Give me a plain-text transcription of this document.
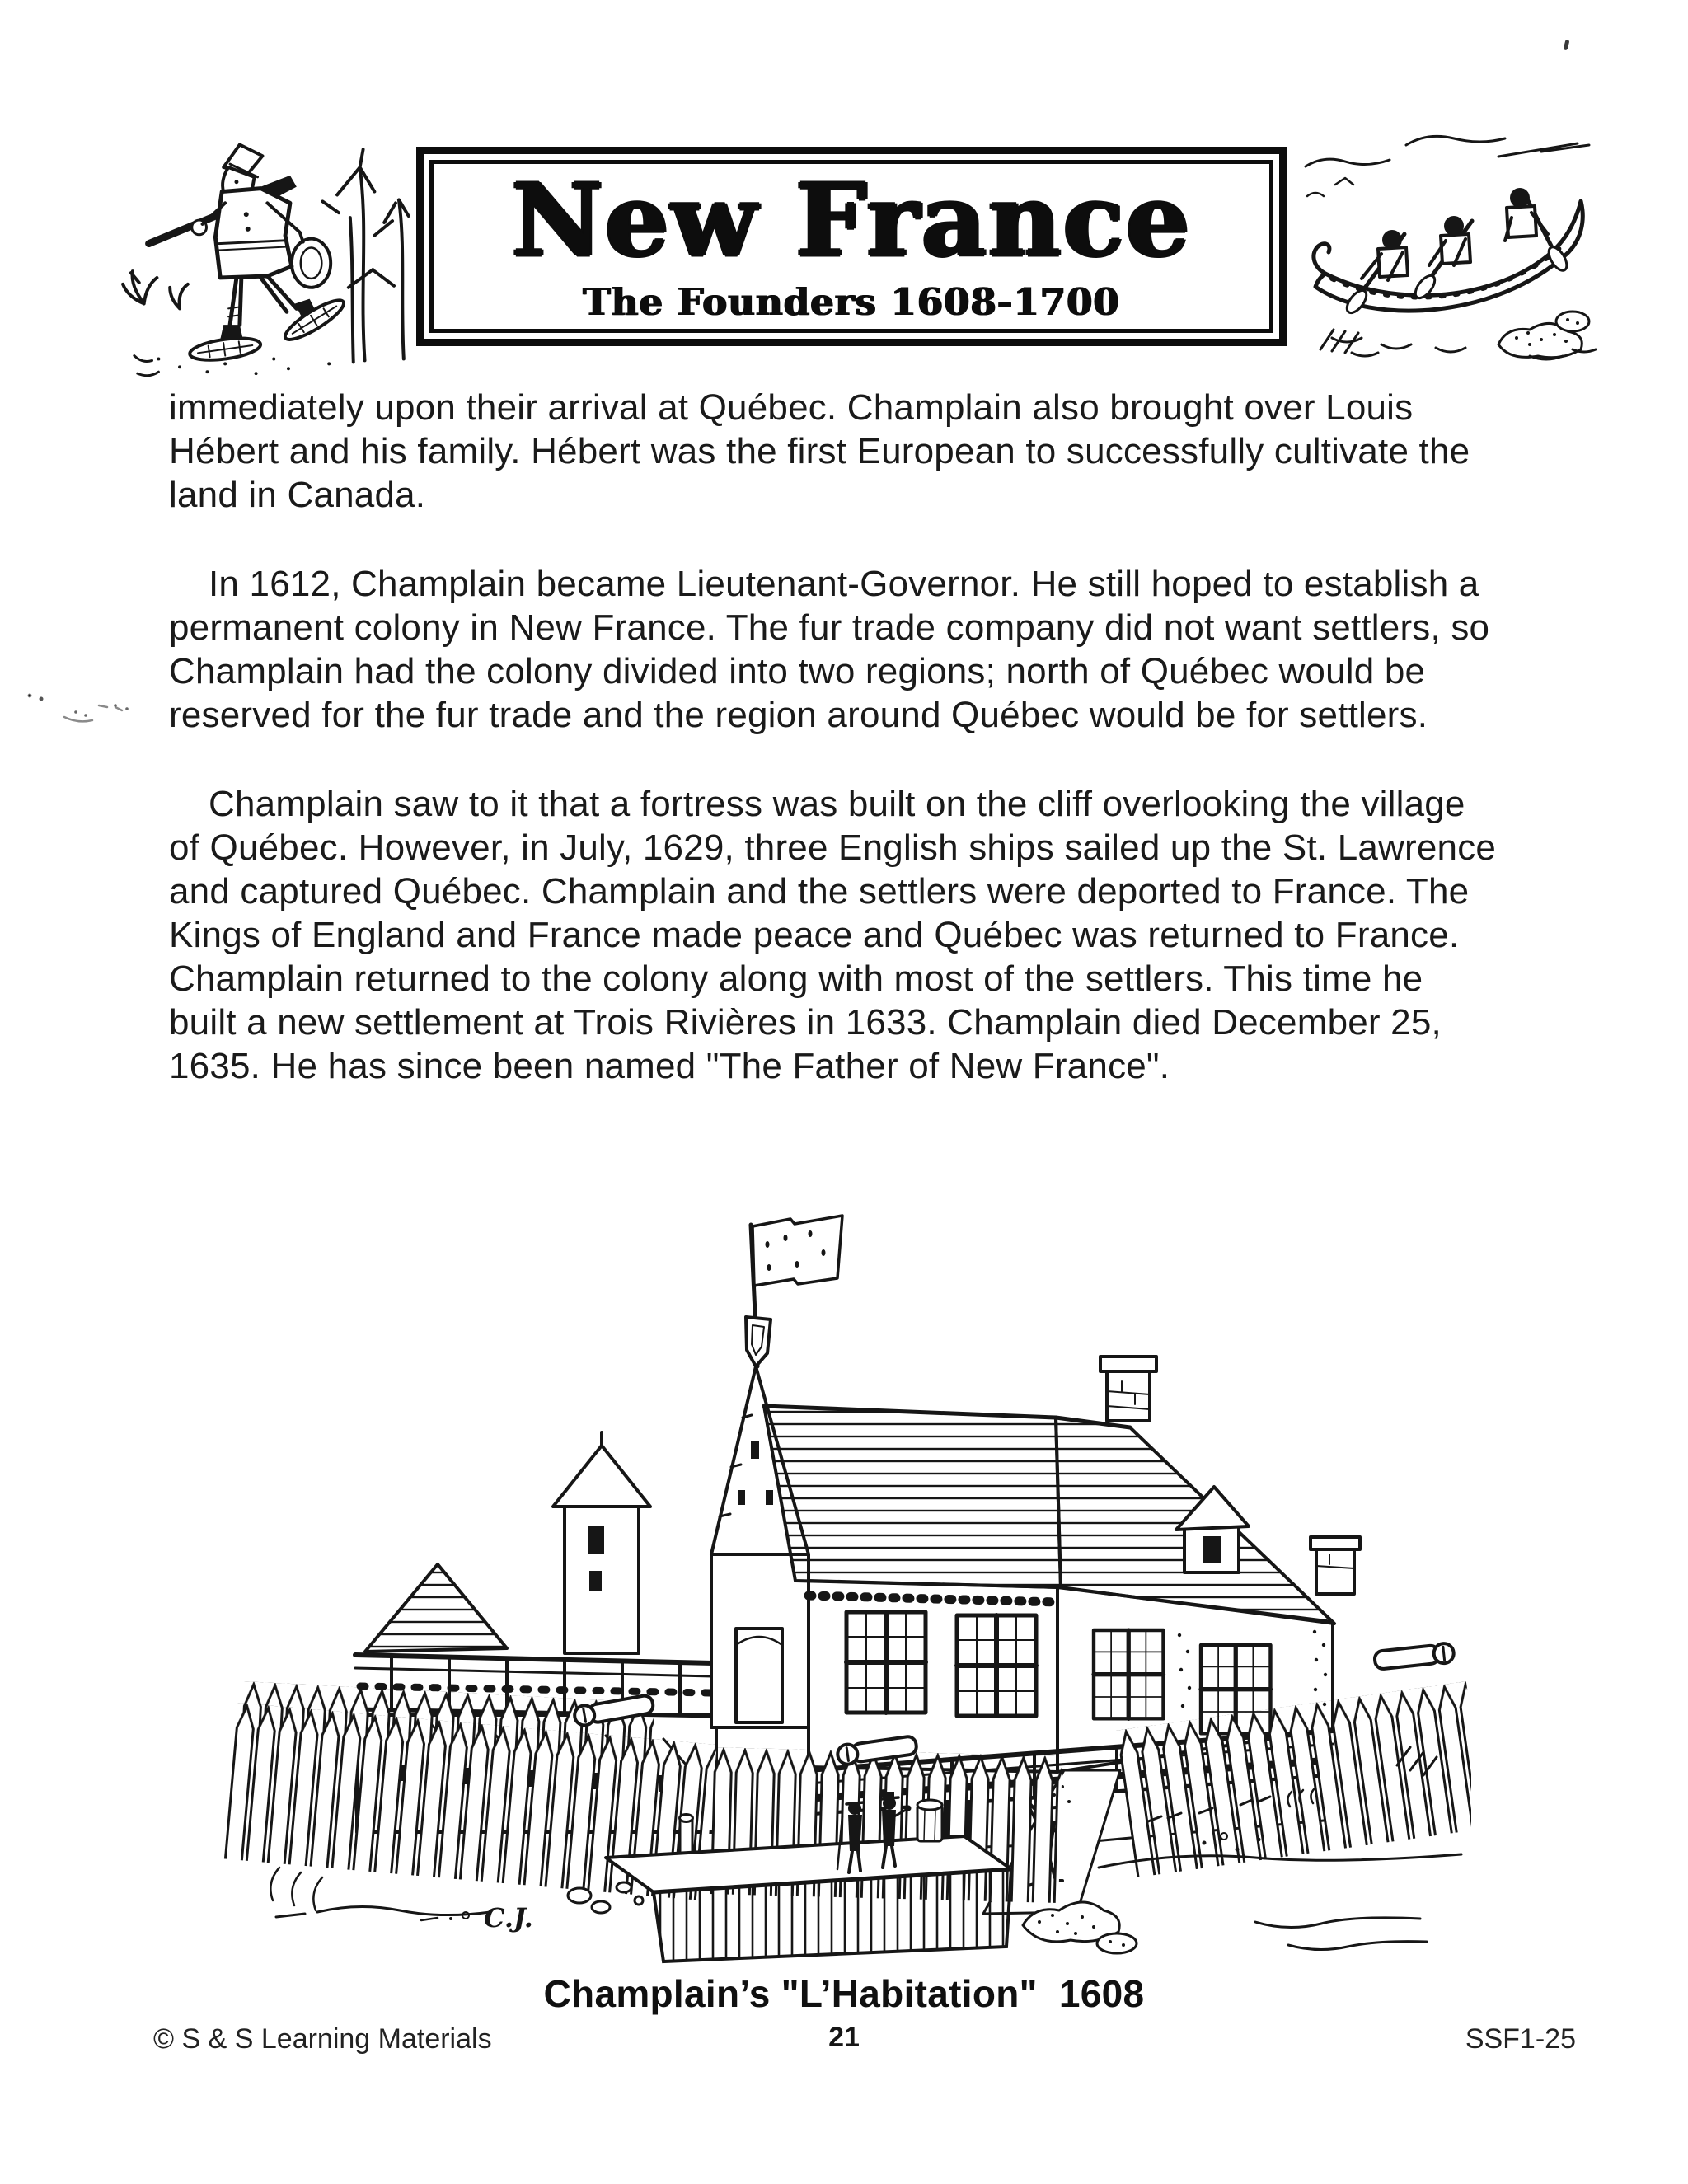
New France
The Founders 1608-1700

immediately upon their arrival at Québec. Champlain also brought over Louis Hébert and his family. Hébert was the first European to successfully cultivate the land in Canada.

In 1612, Champlain became Lieutenant-Governor. He still hoped to establish a permanent colony in New France. The fur trade company did not want settlers, so Champlain had the colony divided into two regions; north of Québec would be reserved for the fur trade and the region around Québec would be for settlers.

Champlain saw to it that a fortress was built on the cliff overlooking the village of Québec. However, in July, 1629, three English ships sailed up the St. Lawrence and captured Québec. Champlain and the settlers were deported to France. The Kings of England and France made peace and Québec was returned to France. Champlain returned to the colony along with most of the settlers. This time he built a new settlement at Trois Rivières in 1633. Champlain died December 25, 1635. He has since been named "The Father of New France".

C.J.
Champlain’s "L’Habitation"  1608
© S & S Learning Materials	21	SSF1-25
